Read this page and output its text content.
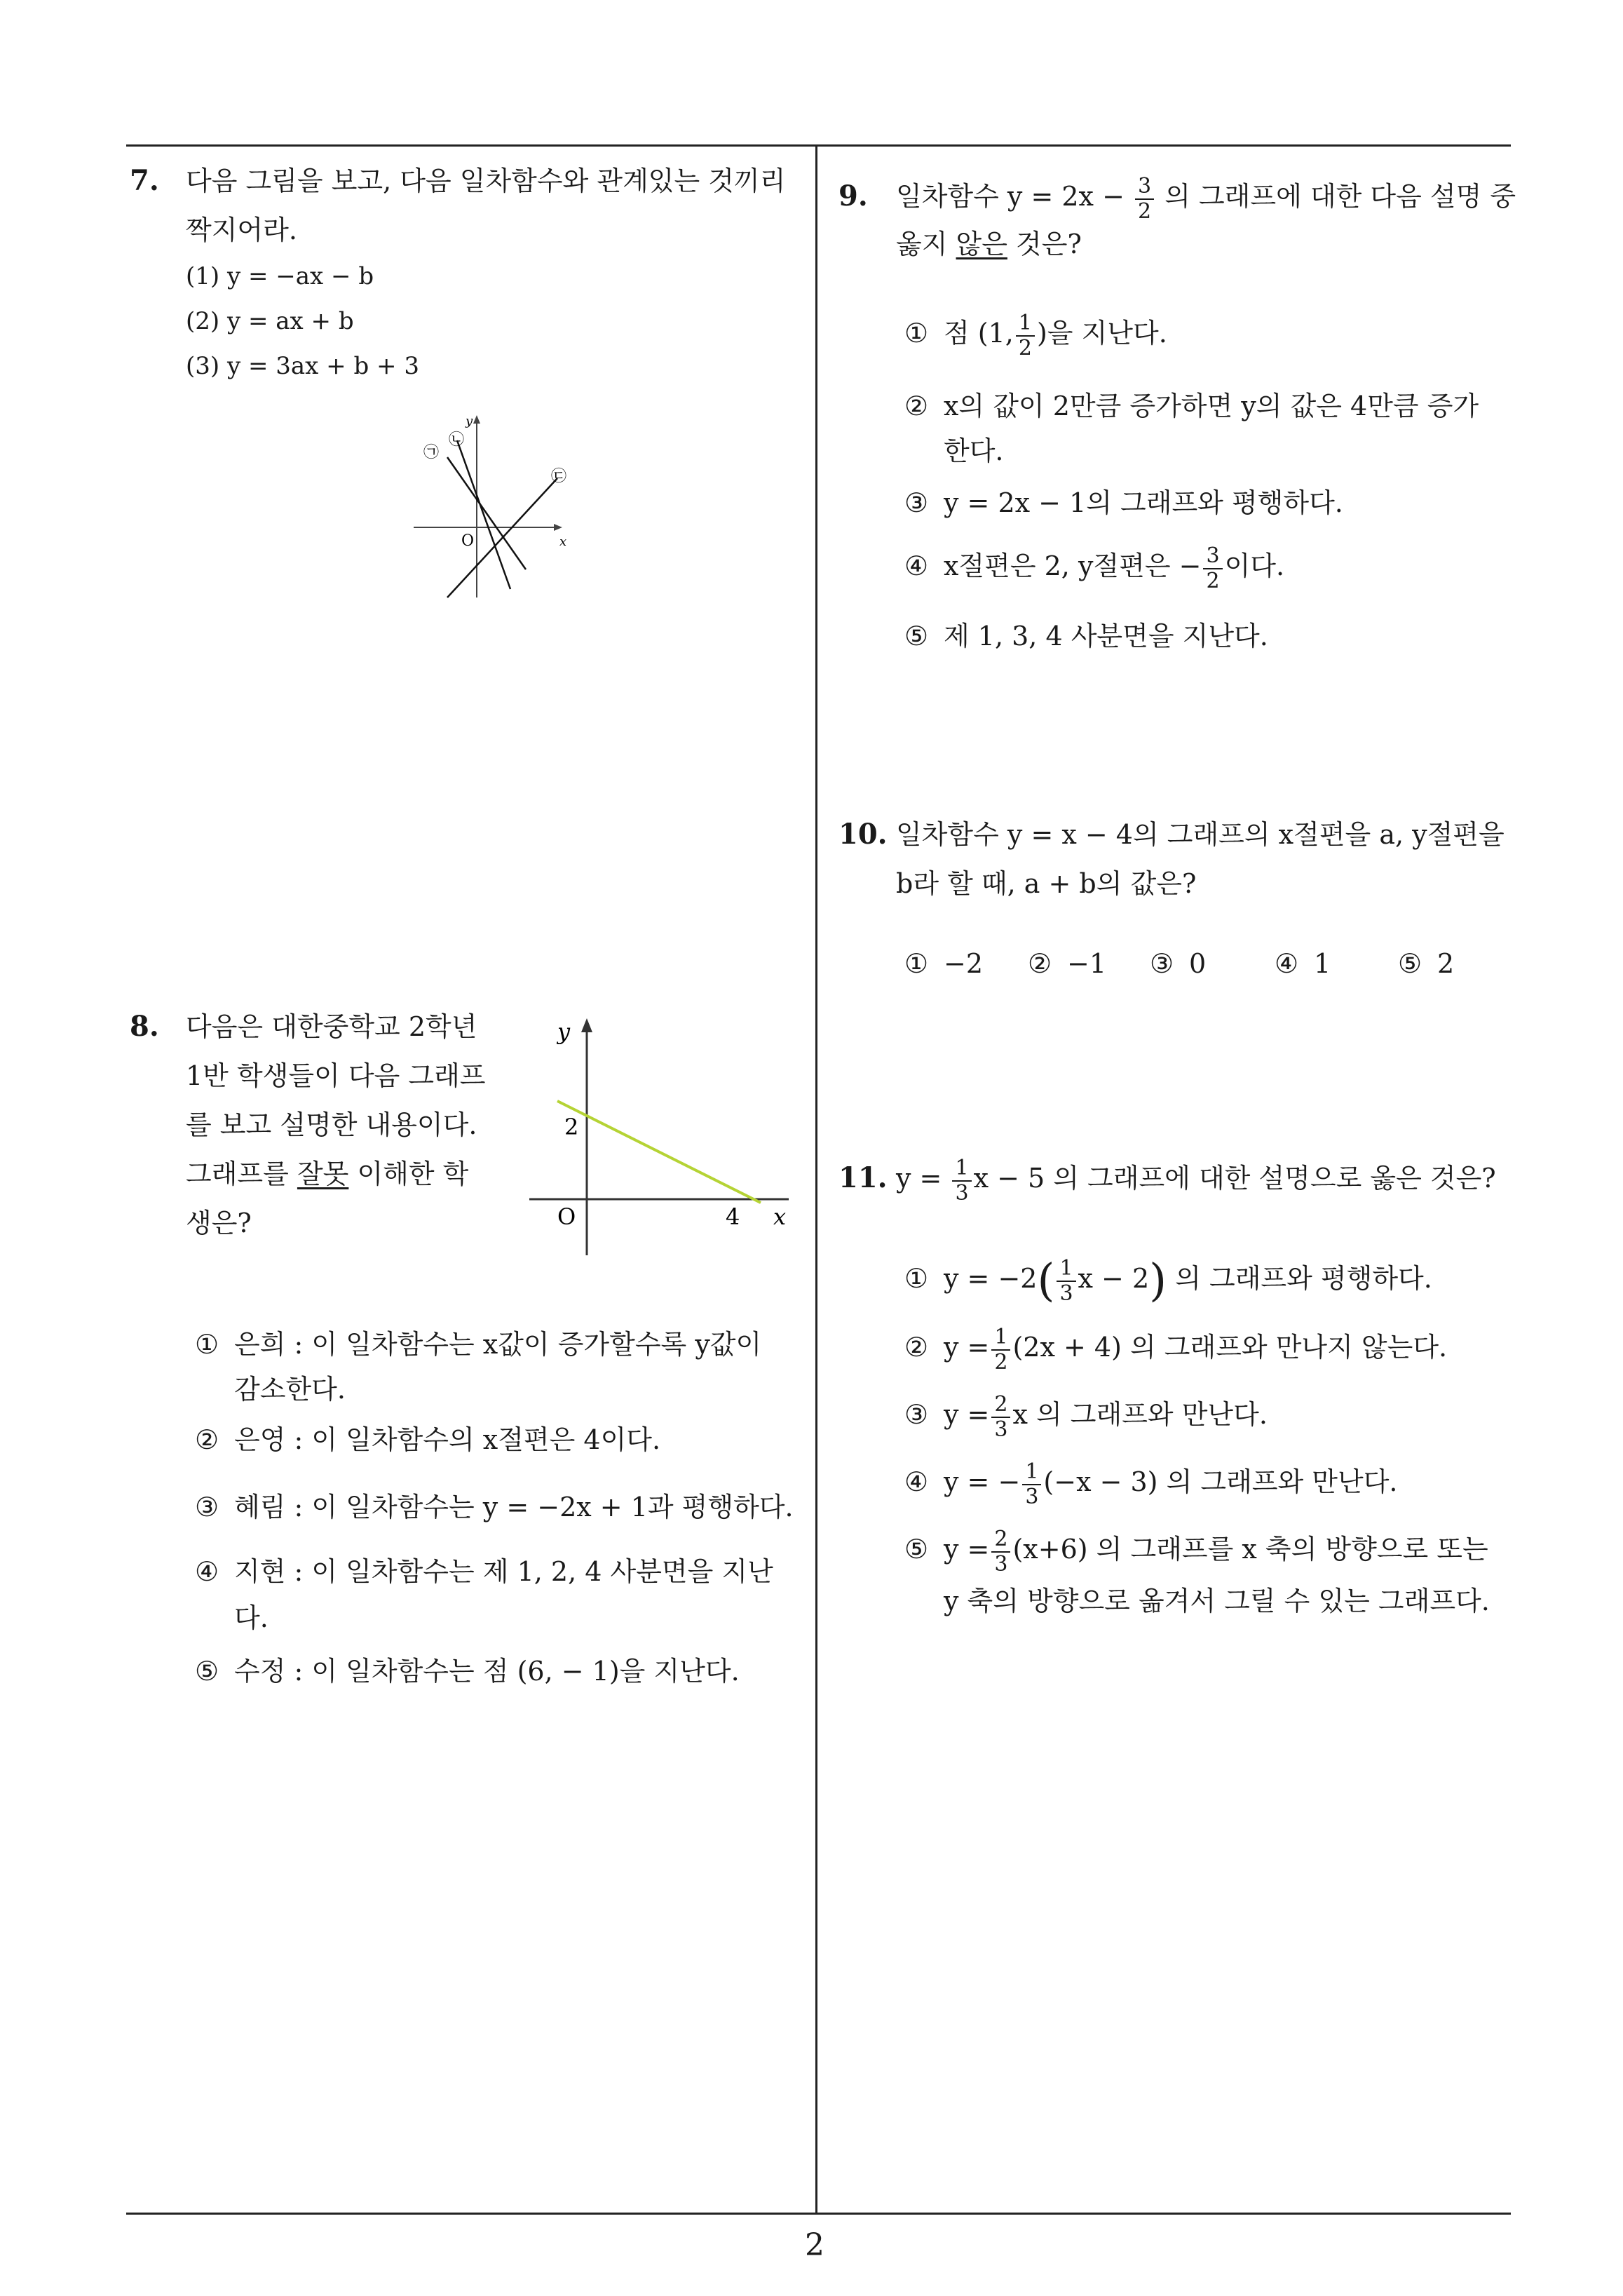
2
7. 다음 그림을 보고, 다음 일차함수와 관계있는 것끼리
짝지어라.
(1) y = −ax − b
(2) y = ax + b
(3) y = 3ax + b + 3
y
x
O
㉠
㉡
㉢
8. 다음은 대한중학교 2학년
1반 학생들이 다음 그래프
를 보고 설명한 내용이다.
그래프를 잘못 이해한 학
생은?
y
x
O
2
4
① 은희 : 이 일차함수는 x값이 증가할수록 y값이
감소한다.
② 은영 : 이 일차함수의 x절편은 4이다.
③ 혜림 : 이 일차함수는 y = −2x + 1과 평행하다.
④ 지현 : 이 일차함수는 제 1, 2, 4 사분면을 지난
다.
⑤ 수정 : 이 일차함수는 점 (6, − 1)을 지난다.
9. 일차함수 $y = 2x - \frac{3}{2}$ 의 그래프에 대한 다음 설명 중
옳지 않은 것은?
① 점 (1, $\frac{1}{2}$ )을 지난다.
② x의 값이 2만큼 증가하면 y의 값은 4만큼 증가
한다.
③ y = 2x − 1의 그래프와 평행하다.
④ x절편은 2, y절편은 − $\frac{3}{2}$ 이다.
⑤ 제 1, 3, 4 사분면을 지난다.
10. 일차함수 y = x − 4의 그래프의 x절편을 a, y절편을
b라 할 때, a + b의 값은?
① −2 ② −1 ③ 0	④ 1	⑤ 2
11. $y = \frac{1}{3}$ x − 5 의 그래프에 대한 설명으로 옳은 것은?
① $y = -2( \frac{1}{3}$ x − 2) 의 그래프와 평행하다.
② $y = \frac{1}{2} (2x + 4)$ 의 그래프와 만나지 않는다.
③ $y = \frac{2}{3}$ x 의 그래프와 만난다.
④ y = − $\frac{1}{3} (-x - 3)$ 의 그래프와 만난다.
⑤ $y = \frac{2}{3} (x+6)$ 의 그래프를 x 축의 방향으로 또는
y 축의 방향으로 옮겨서 그릴 수 있는 그래프다.
